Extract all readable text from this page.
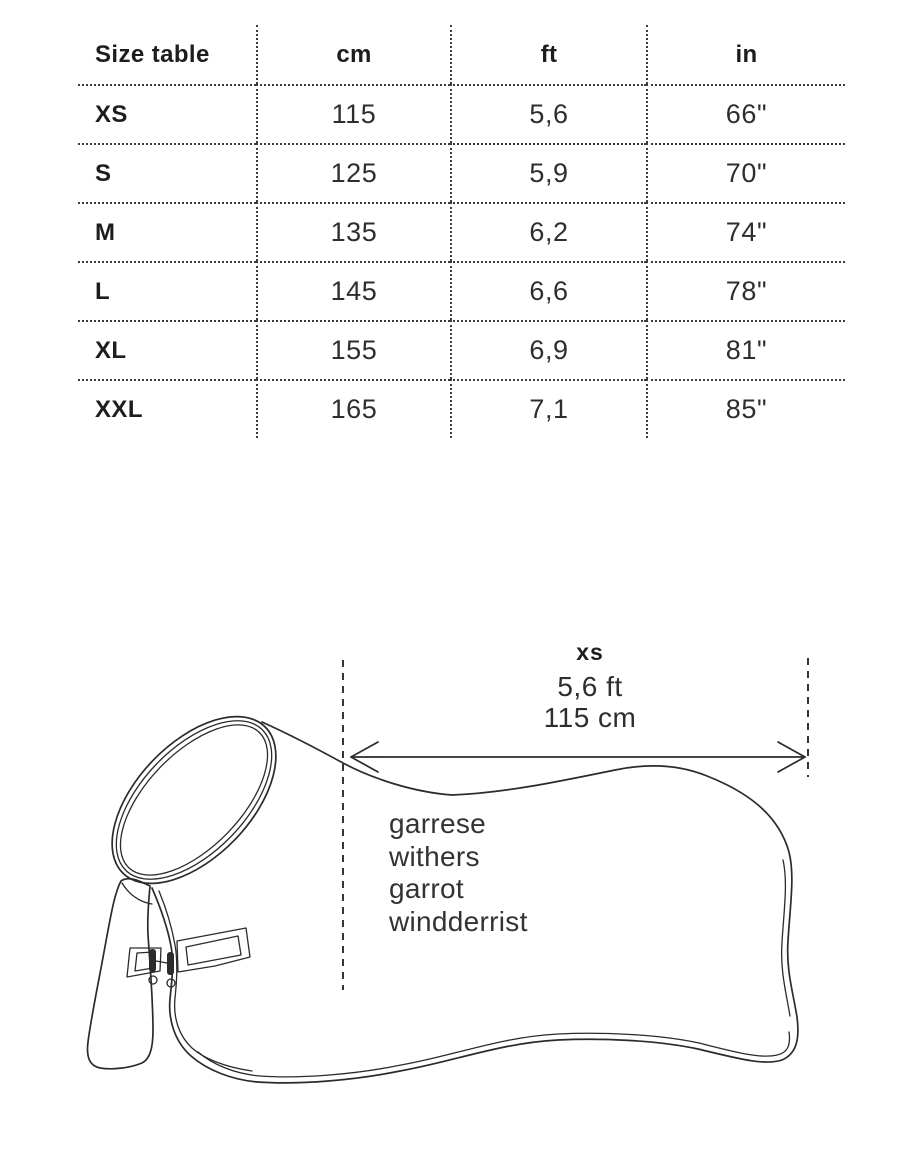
Size table	cm	ft	in
XS	115	5,6	66"
S	125	5,9	70"
M	135	6,2	74"
L	145	6,6	78"
XL	155	6,9	81"
XXL	165	7,1	85"
xs
5,6 ft
115 cm
garrese
withers
garrot
windderrist
